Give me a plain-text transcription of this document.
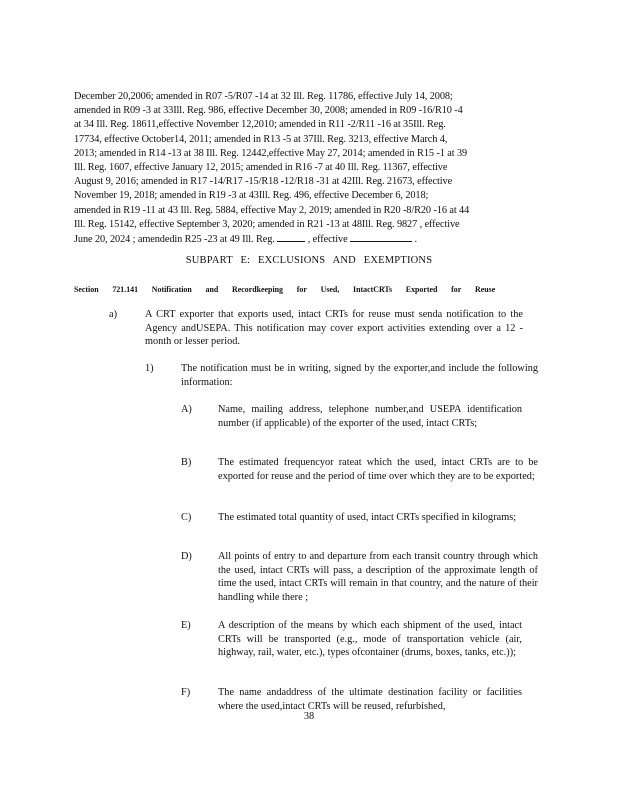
December 20,2006; amended in R07 -5/R07 -14 at 32 Ill. Reg. 11786, effective July 14, 2008;
amended in R09 -3 at 33Ill. Reg. 986, effective December 30, 2008; amended in R09 -16/R10 -4
at 34 Ill. Reg. 18611,effective November 12,2010; amended in R11 -2/R11 -16 at 35Ill. Reg.
17734, effective October14, 2011; amended in R13 -5 at 37Ill. Reg. 3213, effective March 4,
2013; amended in R14 -13 at 38 Ill. Reg. 12442,effective May 27, 2014; amended in R15 -1 at 39
Ill. Reg. 1607, effective January 12, 2015; amended in R16 -7 at 40 Ill. Reg. 11367, effective
August 9, 2016; amended in R17 -14/R17 -15/R18 -12/R18 -31 at 42Ill. Reg. 21673, effective
November 19, 2018; amended in R19 -3 at 43Ill. Reg. 496, effective December 6, 2018;
amended in R19 -11 at 43 Ill. Reg. 5884, effective May 2, 2019; amended in R20 -8/R20 -16 at 44
Ill. Reg. 15142, effective September 3, 2020; amended in R21 -13 at 48Ill. Reg. 9827 , effective
June 20, 2024 ; amendedin R25 -23 at 49 Ill. Reg.	, effective	.
SUBPART E: EXCLUSIONS AND EXEMPTIONS
Section 721.141 Notification and Recordkeeping for Used, IntactCRTs Exported for Reuse
a)	A CRT exporter that exports used, intact CRTs for reuse must senda notification to the Agency andUSEPA. This notification may cover export activities extending over a 12 -month or lesser period.
1)	The notification must be in writing, signed by the exporter,and include the following information:
A)	Name, mailing address, telephone number,and USEPA identification number (if applicable) of the exporter of the used, intact CRTs;
B)	The estimated frequencyor rateat which the used, intact CRTs are to be exported for reuse and the period of time over which they are to be exported;
C)	The estimated total quantity of used, intact CRTs specified in kilograms;
D)	All points of entry to and departure from each transit country through which the used, intact CRTs will pass, a description of the approximate length of time the used, intact CRTs will remain in that country, and the nature of their handling while there ;
E)	A description of the means by which each shipment of the used, intact CRTs will be transported (e.g., mode of transportation vehicle (air, highway, rail, water, etc.), types ofcontainer (drums, boxes, tanks, etc.));
F)	The name andaddress of the ultimate destination facility or facilities where the used,intact CRTs will be reused, refurbished,
38
